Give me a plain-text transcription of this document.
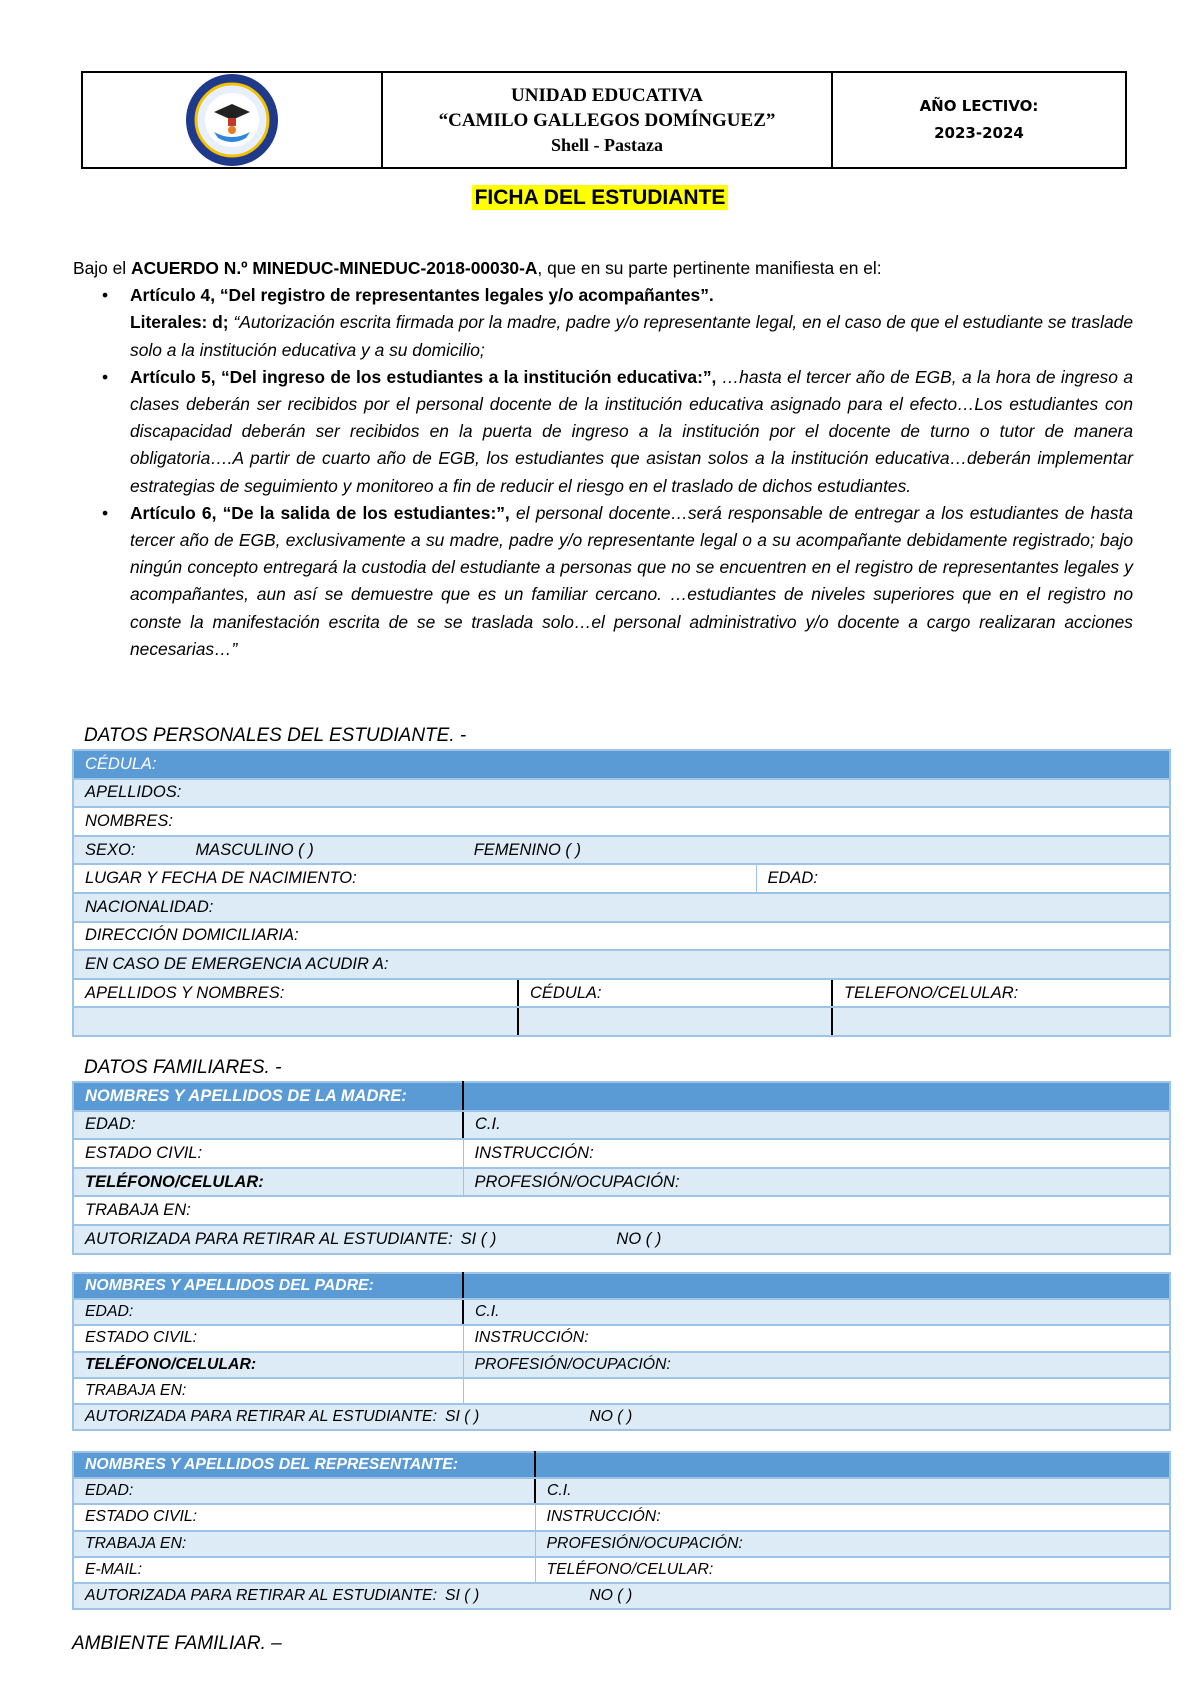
UNIDAD EDUCATIVA
“CAMILO GALLEGOS DOMÍNGUEZ”
Shell - Pastaza
AÑO LECTIVO:
2023-2024
FICHA DEL ESTUDIANTE

Bajo el ACUERDO N.º MINEDUC-MINEDUC-2018-00030-A, que en su parte pertinente manifiesta en el:

• Artículo 4, “Del registro de representantes legales y/o acompañantes”.
Literales: d; “Autorización escrita firmada por la madre, padre y/o representante legal, en el caso de que el estudiante se traslade solo a la institución educativa y a su domicilio;
• Artículo 5, “Del ingreso de los estudiantes a la institución educativa:”, …hasta el tercer año de EGB, a la hora de ingreso a clases deberán ser recibidos por el personal docente de la institución educativa asignado para el efecto…Los estudiantes con discapacidad deberán ser recibidos en la puerta de ingreso a la institución por el docente de turno o tutor de manera obligatoria….A partir de cuarto año de EGB, los estudiantes que asistan solos a la institución educativa…deberán implementar estrategias de seguimiento y monitoreo a fin de reducir el riesgo en el traslado de dichos estudiantes.
• Artículo 6, “De la salida de los estudiantes:”, el personal docente…será responsable de entregar a los estudiantes de hasta tercer año de EGB, exclusivamente a su madre, padre y/o representante legal o a su acompañante debidamente registrado; bajo ningún concepto entregará la custodia del estudiante a personas que no se encuentren en el registro de representantes legales y acompañantes, aun así se demuestre que es un familiar cercano. …estudiantes de niveles superiores que en el registro no conste la manifestación escrita de se se traslada solo…el personal administrativo y/o docente a cargo realizaran acciones necesarias…”
DATOS PERSONALES DEL ESTUDIANTE. -
CÉDULA:			
APELLIDOS:			
NOMBRES:			
SEXO: MASCULINO ( ) FEMENINO ( )			
LUGAR Y FECHA DE NACIMIENTO:		EDAD:	
NACIONALIDAD:			
DIRECCIÓN DOMICILIARIA:			
EN CASO DE EMERGENCIA ACUDIR A:			
APELLIDOS Y NOMBRES:	CÉDULA:		TELEFONO/CELULAR:

DATOS FAMILIARES. -
NOMBRES Y APELLIDOS DE LA MADRE:	
EDAD:	C.I.
ESTADO CIVIL:	INSTRUCCIÓN:
TELÉFONO/CELULAR:	PROFESIÓN/OCUPACIÓN:
TRABAJA EN:	
AUTORIZADA PARA RETIRAR AL ESTUDIANTE: SI ( ) NO ( )	
NOMBRES Y APELLIDOS DEL PADRE:	
EDAD:	C.I.
ESTADO CIVIL:	INSTRUCCIÓN:
TELÉFONO/CELULAR:	PROFESIÓN/OCUPACIÓN:
TRABAJA EN:	
AUTORIZADA PARA RETIRAR AL ESTUDIANTE: SI ( ) NO ( )	
NOMBRES Y APELLIDOS DEL REPRESENTANTE:	
EDAD:	C.I.
ESTADO CIVIL:	INSTRUCCIÓN:
TRABAJA EN:	PROFESIÓN/OCUPACIÓN:
E-MAIL:	TELÉFONO/CELULAR:
AUTORIZADA PARA RETIRAR AL ESTUDIANTE: SI ( ) NO ( )	
AMBIENTE FAMILIAR. –
